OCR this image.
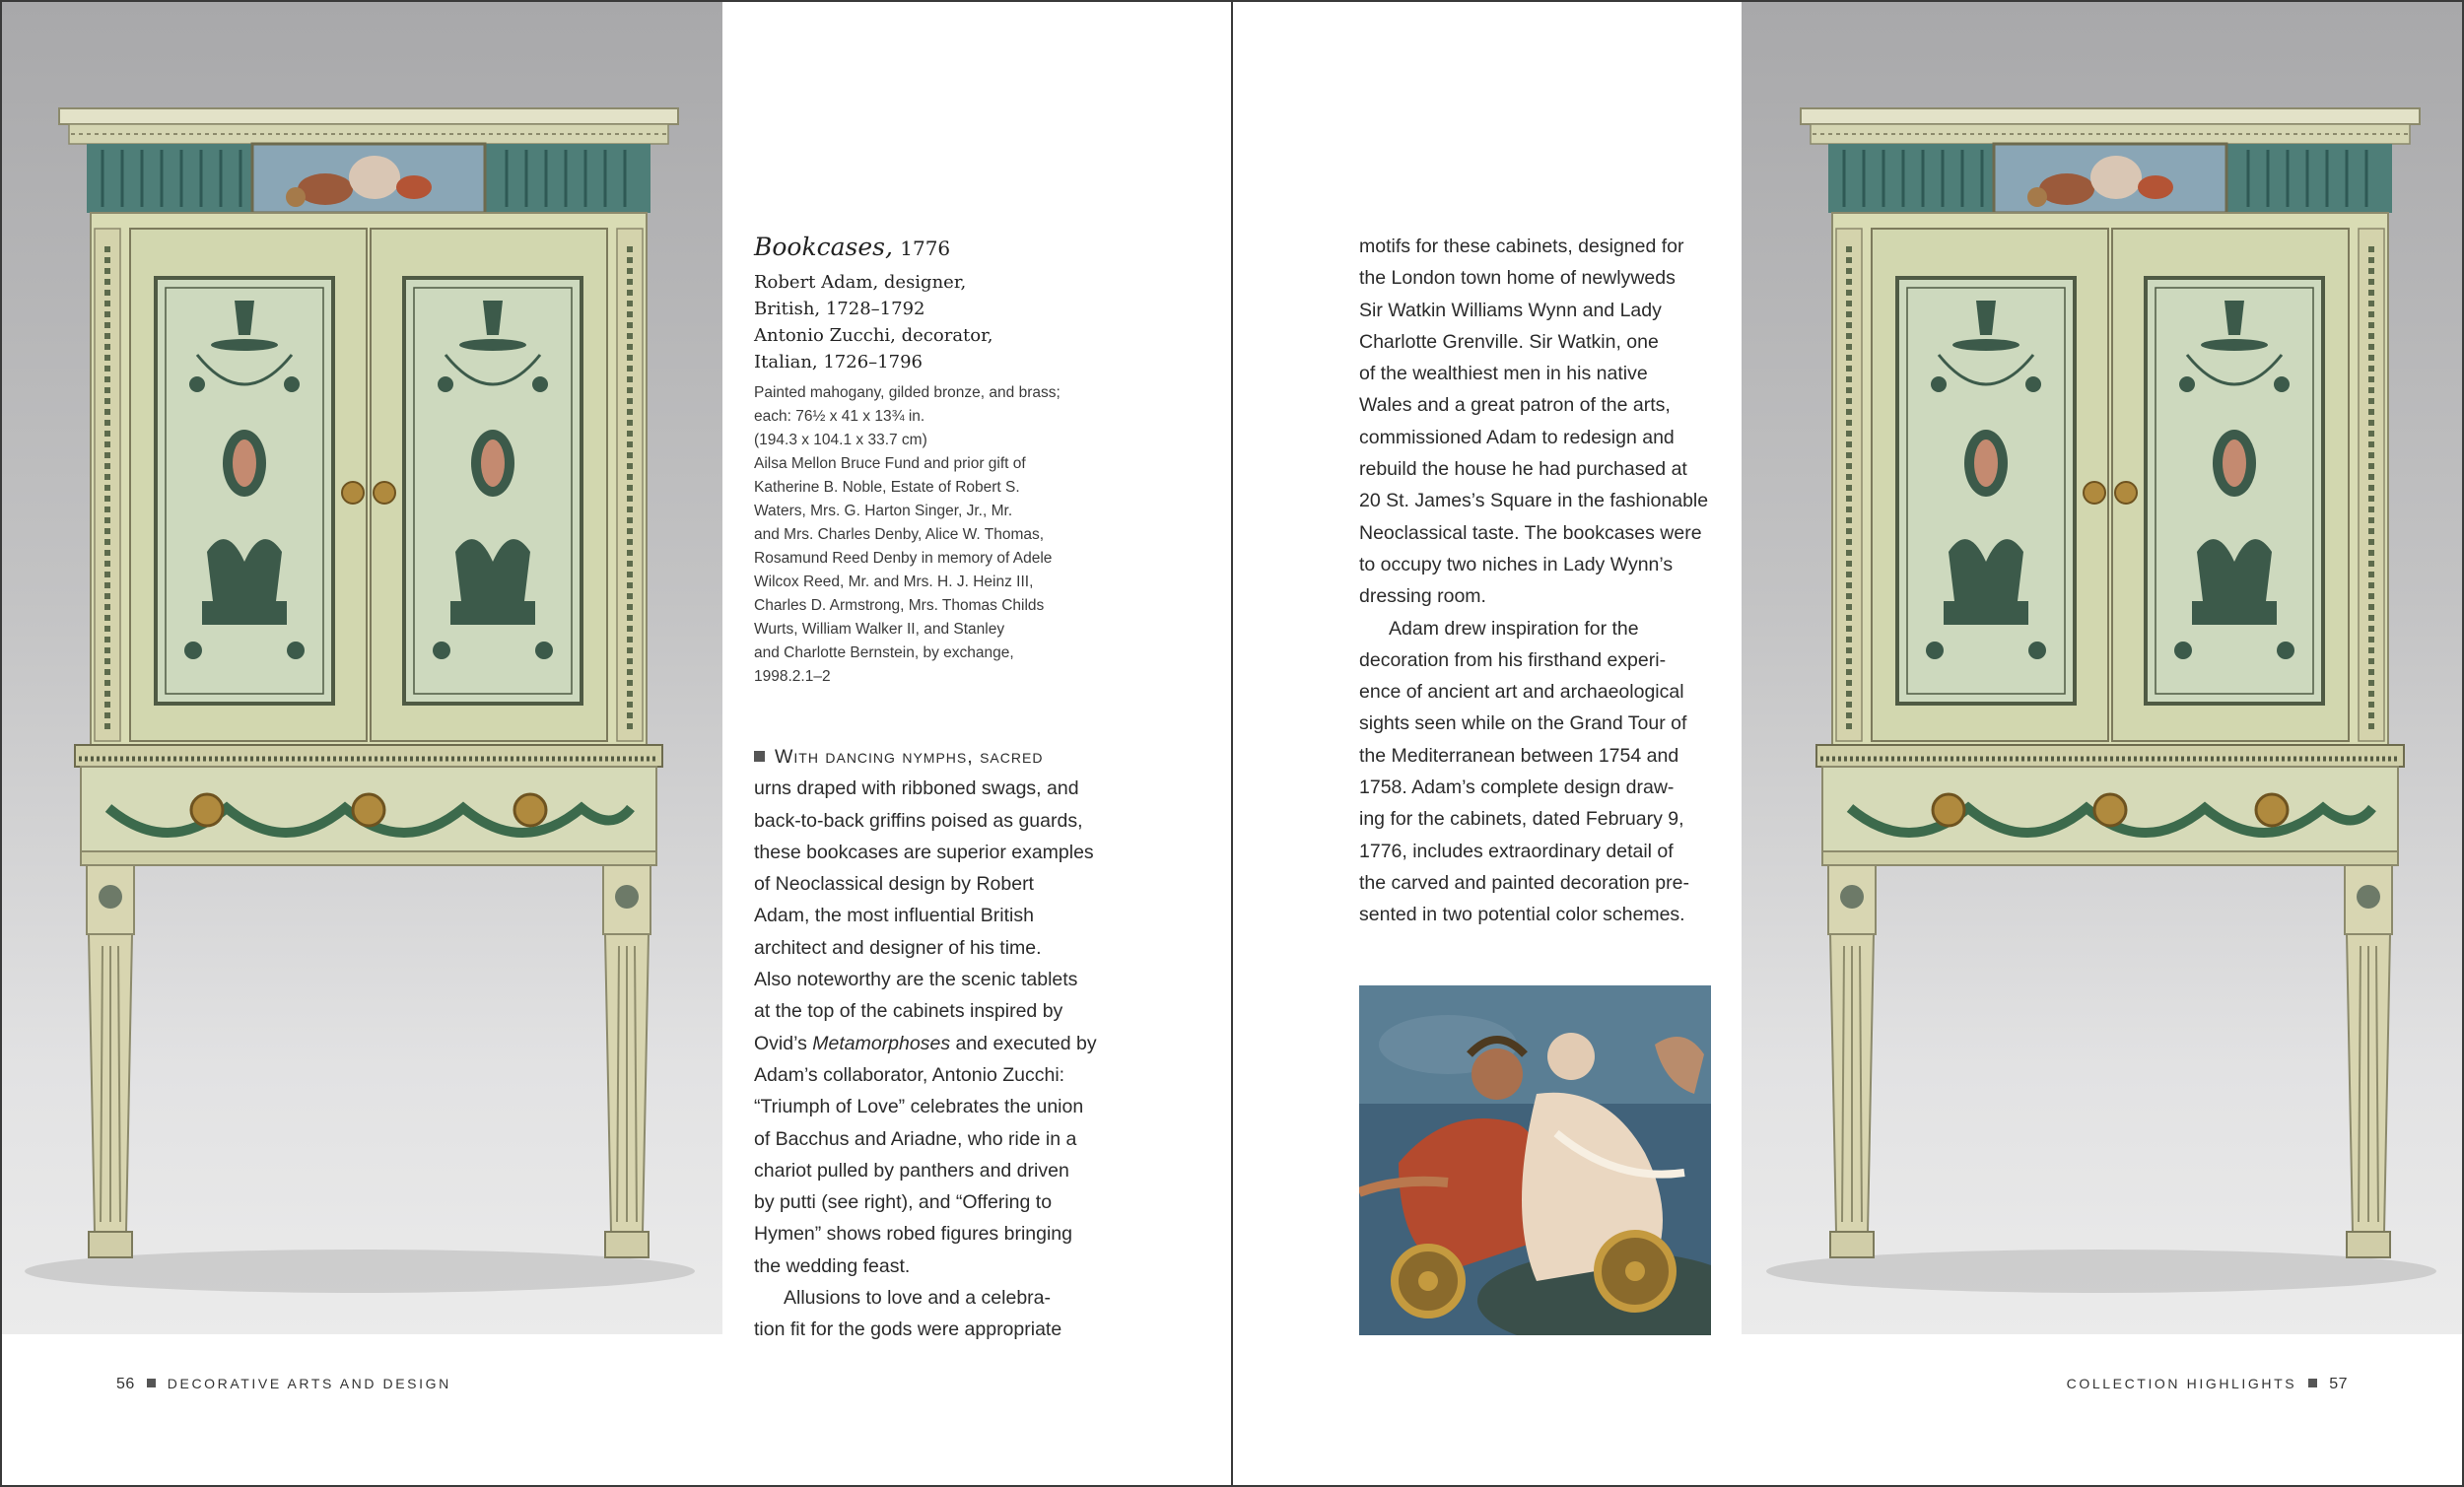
Bookcases, 1776
Robert Adam, designer,
British, 1728–1792
Antonio Zucchi, decorator,
Italian, 1726–1796
Painted mahogany, gilded bronze, and brass;
each: 76½ x 41 x 13¾ in.
(194.3 x 104.1 x 33.7 cm)
Ailsa Mellon Bruce Fund and prior gift of
Katherine B. Noble, Estate of Robert S.
Waters, Mrs. G. Harton Singer, Jr., Mr.
and Mrs. Charles Denby, Alice W. Thomas,
Rosamund Reed Denby in memory of Adele
Wilcox Reed, Mr. and Mrs. H. J. Heinz III,
Charles D. Armstrong, Mrs. Thomas Childs
Wurts, William Walker II, and Stanley
and Charlotte Bernstein, by exchange,
1998.2.1–2
With dancing nymphs, sacred
urns draped with ribboned swags, and
back-to-back griffins poised as guards,
these bookcases are superior examples
of Neoclassical design by Robert
Adam, the most influential British
architect and designer of his time.
Also noteworthy are the scenic tablets
at the top of the cabinets inspired by
Ovid’s Metamorphoses and executed by
Adam’s collaborator, Antonio Zucchi:
“Triumph of Love” celebrates the union
of Bacchus and Ariadne, who ride in a
chariot pulled by panthers and driven
by putti (see right), and “Offering to
Hymen” shows robed figures bringing
the wedding feast.
Allusions to love and a celebra-
tion fit for the gods were appropriate
56 DECORATIVE ARTS AND DESIGN
motifs for these cabinets, designed for
the London town home of newlyweds
Sir Watkin Williams Wynn and Lady
Charlotte Grenville. Sir Watkin, one
of the wealthiest men in his native
Wales and a great patron of the arts,
commissioned Adam to redesign and
rebuild the house he had purchased at
20 St. James’s Square in the fashionable
Neoclassical taste. The bookcases were
to occupy two niches in Lady Wynn’s
dressing room.
Adam drew inspiration for the
decoration from his firsthand experi-
ence of ancient art and archaeological
sights seen while on the Grand Tour of
the Mediterranean between 1754 and
1758. Adam’s complete design draw-
ing for the cabinets, dated February 9,
1776, includes extraordinary detail of
the carved and painted decoration pre-
sented in two potential color schemes.
COLLECTION HIGHLIGHTS 57
